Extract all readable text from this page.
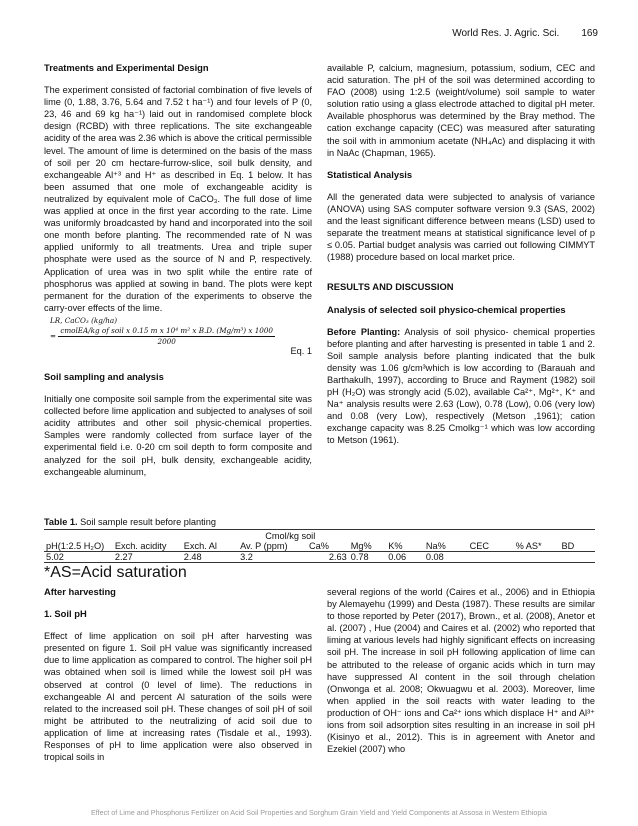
World Res. J. Agric. Sci. 169
Treatments and Experimental Design

The experiment consisted of factorial combination of five levels of lime (0, 1.88, 3.76, 5.64 and 7.52 t ha⁻¹) and four levels of P (0, 23, 46 and 69 kg ha⁻¹) laid out in randomised complete block design (RCBD) with three replications. The site exchangeable acidity of the area was 2.36 which is above the critical permissible level. The amount of lime is determined on the basis of the mass of soil per 20 cm hectare-furrow-slice, soil bulk density, and exchangeable Al⁺³ and H⁺ as described in Eq. 1 below. It has been assumed that one mole of exchangeable acidity is neutralized by equivalent mole of CaCO₃. The full dose of lime was applied at once in the first year according to the rate. Lime was uniformly broadcasted by hand and incorporated into the soil one month before planting. The recommended rate of N was applied uniformly to all treatments. Urea and triple super phosphate were used as the source of N and P, respectively. Application of urea was in two split while the entire rate of phosphorus was applied at sowing in band. The plots were kept permanent for the duration of the experiments to observe the carry-over effects of the lime.

LR, CaCO₃ (kg/ha)
= $\frac{\text{cmolEA/kg of soil x 0.15 m x 10⁴ m² x B.D. (Mg/m³) x 1000}}{2000}$
Eq. 1
Soil sampling and analysis

Initially one composite soil sample from the experimental site was collected before lime application and subjected to analyses of soil acidity attributes and other soil physic-chemical properties. Samples were randomly collected from surface layer of the experimental field i.e. 0-20 cm soil depth to form composite and analyzed for the soil pH, bulk density, exchangeable acidity, exchangeable aluminum,

available P, calcium, magnesium, potassium, sodium, CEC and acid saturation. The pH of the soil was determined according to FAO (2008) using 1:2.5 (weight/volume) soil sample to water solution ratio using a glass electrode attached to digital pH meter. Available phosphorus was determined by the Bray method. The cation exchange capacity (CEC) was measured after saturating the soil with in ammonium acetate (NH₄Ac) and displacing it with in NaAc (Chapman, 1965).

Statistical Analysis

All the generated data were subjected to analysis of variance (ANOVA) using SAS computer software version 9.3 (SAS, 2002) and the least significant difference between means (LSD) used to separate the treatment means at statistical significance level of p ≤ 0.05. Partial budget analysis was carried out following CIMMYT (1988) procedure based on local market price.

RESULTS AND DISCUSSION
Analysis of selected soil physico-chemical properties

Before Planting: Analysis of soil physico- chemical properties before planting and after harvesting is presented in table 1 and 2. Soil sample analysis before planting indicated that the bulk density was 1.06 g/cm³which is low according to (Barauah and Barthakulh, 1997), according to Bruce and Rayment (1982) soil pH (H₂O) was strongly acid (5.02), available Ca²⁺, Mg²⁺, K⁺ and Na⁺ analysis results were 2.63 (Low), 0.78 (Low), 0.06 (very low) and 0.08 (very Low), respectively (Metson ,1961); cation exchange capacity was 8.25 Cmolkg⁻¹ which was low according to Metson (1961).

Table 1. Soil sample result before planting
	Cmol/kg soil									
pH(1:2.5 H₂O)	Exch. acidity	Exch. Al	Av. P (ppm)	Ca%	Mg%	K%	Na%	CEC	% AS*	BD
5.02	2.27	2.48	3.2	2.63	0.78	0.06	0.08			
*AS=Acid saturation
After harvesting
1. Soil pH

Effect of lime application on soil pH after harvesting was presented on figure 1. Soil pH value was significantly increased due to lime application as compared to control. The higher soil pH was obtained when soil is limed while the lowest soil pH was observed at control (0 level of lime). The reductions in exchangeable Al and percent Al saturation of the soils were related to the increased soil pH. These changes of soil pH of soil might be attributed to the neutralizing of acid soil due to application of lime at increasing rates (Tisdale et al., 1993). Responses of pH to lime application were also observed in tropical soils in

several regions of the world (Caires et al., 2006) and in Ethiopia by Alemayehu (1999) and Desta (1987). These results are similar to those reported by Peter (2017), Brown., et al. (2008), Anetor et al. (2007) , Hue (2004) and Caires et al. (2002) who reported that liming at various levels had highly significant effects on increasing soil pH. The increase in soil pH following application of lime can be attributed to the release of organic acids which in turn may have suppressed Al content in the soil through chelation (Onwonga et al. 2008; Okwuagwu et al. 2003). Moreover, lime when applied in the soil reacts with water leading to the production of OH⁻ ions and Ca²⁺ ions which displace H⁺ and Al³⁺ ions from soil adsorption sites resulting in an increase in soil pH (Kisinyo et al., 2012). This is in agreement with Anetor and Ezekiel (2007) who

Effect of Lime and Phosphorus Fertilizer on Acid Soil Properties and Sorghum Grain Yield and Yield Components at Assosa in Western Ethiopia
